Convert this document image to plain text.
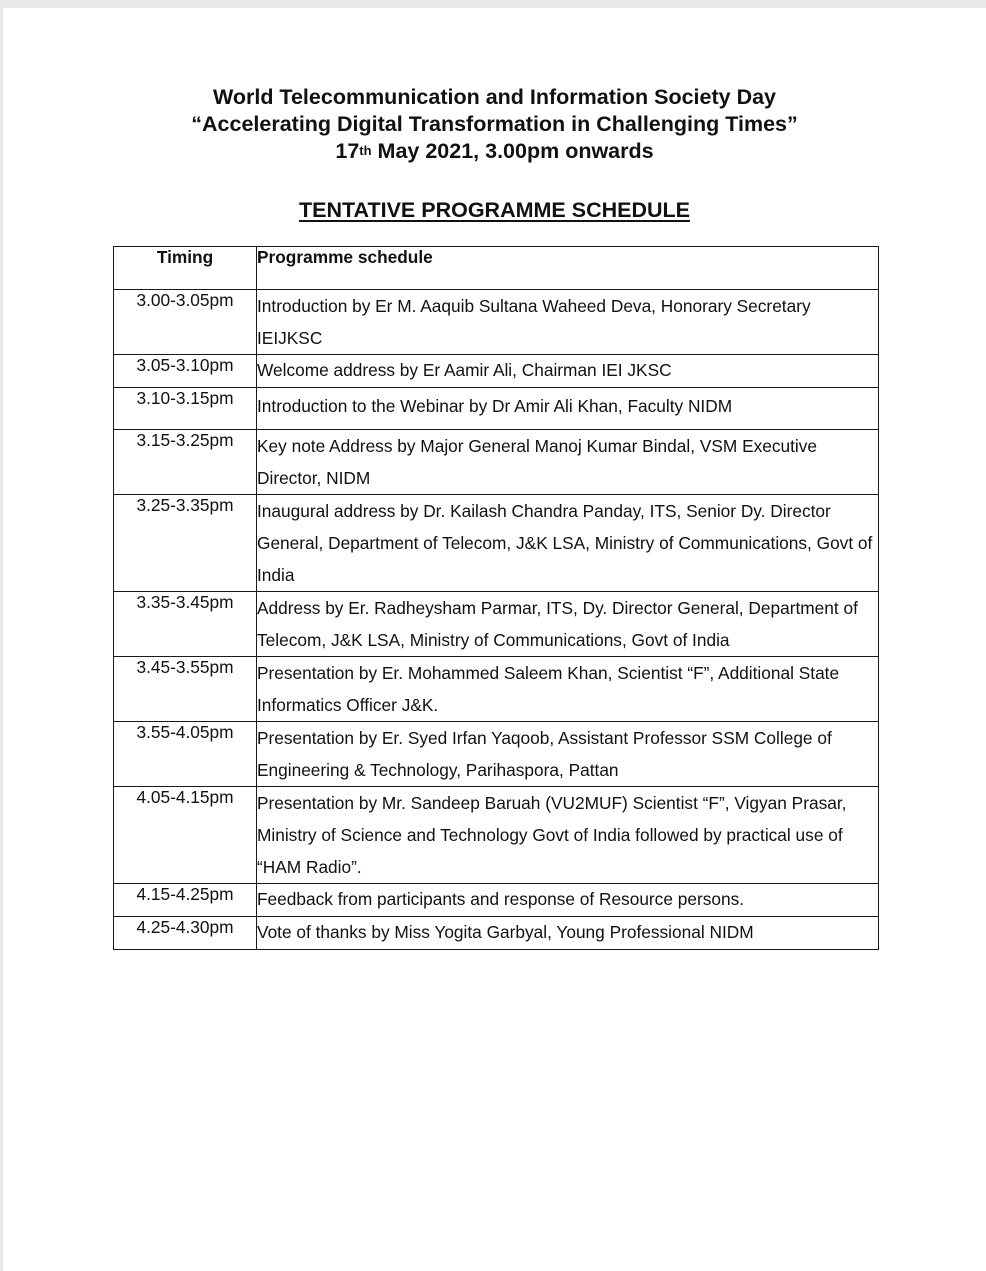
World Telecommunication and Information Society Day
“Accelerating Digital Transformation in Challenging Times”
17th May 2021, 3.00pm onwards
TENTATIVE PROGRAMME SCHEDULE
Timing	Programme schedule
3.00-3.05pm	Introduction by Er M. Aaquib Sultana Waheed Deva, Honorary Secretary IEIJKSC
3.05-3.10pm	Welcome address by Er Aamir Ali, Chairman IEI JKSC
3.10-3.15pm	Introduction to the Webinar by Dr Amir Ali Khan, Faculty NIDM
3.15-3.25pm	Key note Address by Major General Manoj Kumar Bindal, VSM Executive Director, NIDM
3.25-3.35pm	Inaugural address by Dr. Kailash Chandra Panday, ITS, Senior Dy. Director General, Department of Telecom, J&K LSA, Ministry of Communications, Govt of India
3.35-3.45pm	Address by Er. Radheysham Parmar, ITS, Dy. Director General, Department of Telecom, J&K LSA, Ministry of Communications, Govt of India
3.45-3.55pm	Presentation by Er. Mohammed Saleem Khan, Scientist “F”, Additional State Informatics Officer J&K.
3.55-4.05pm	Presentation by Er. Syed Irfan Yaqoob, Assistant Professor SSM College of Engineering & Technology, Parihaspora, Pattan
4.05-4.15pm	Presentation by Mr. Sandeep Baruah (VU2MUF) Scientist “F”, Vigyan Prasar, Ministry of Science and Technology Govt of India followed by practical use of “HAM Radio”.
4.15-4.25pm	Feedback from participants and response of Resource persons.
4.25-4.30pm	Vote of thanks by Miss Yogita Garbyal, Young Professional NIDM
